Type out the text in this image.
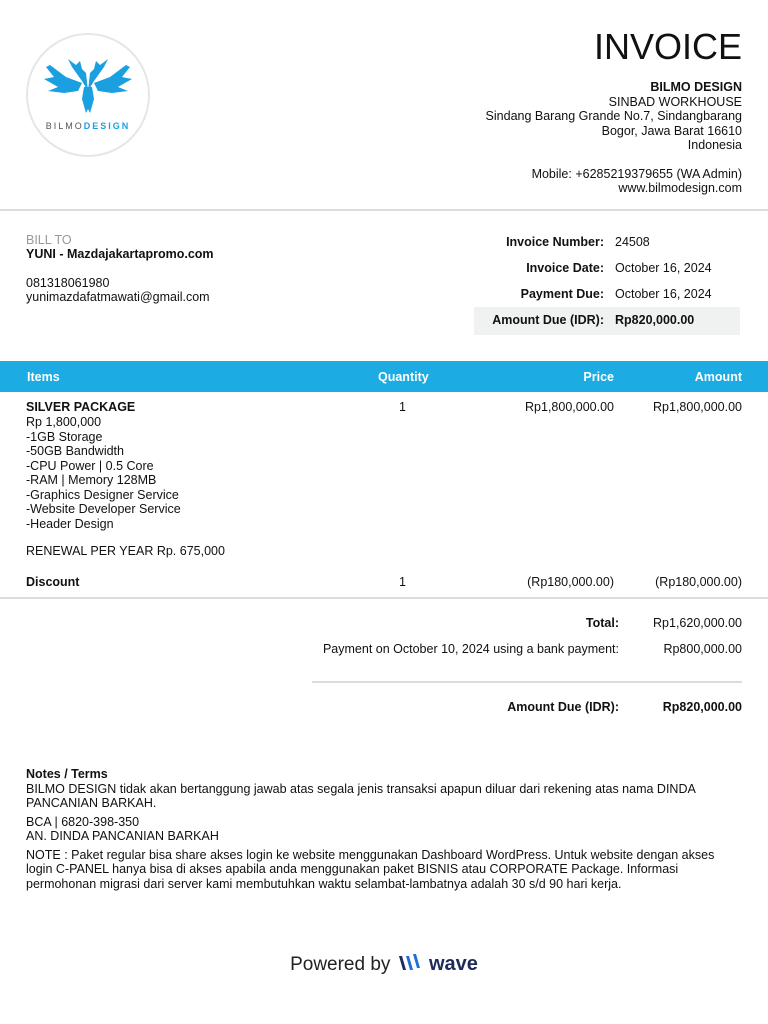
BILMODESIGN
INVOICE
BILMO DESIGN
SINBAD WORKHOUSE
Sindang Barang Grande No.7, Sindangbarang
Bogor, Jawa Barat 16610
Indonesia
Mobile: +6285219379655 (WA Admin)
www.bilmodesign.com
BILL TO
YUNI - Mazdajakartapromo.com
081318061980
yunimazdafatmawati@gmail.com
Invoice Number: 24508
Invoice Date: October 16, 2024
Payment Due: October 16, 2024
Amount Due (IDR): Rp820,000.00
Items	Quantity	Price	Amount
SILVER PACKAGE
Rp 1,800,000
-1GB Storage
-50GB Bandwidth
-CPU Power | 0.5 Core
-RAM | Memory 128MB
-Graphics Designer Service
-Website Developer Service
-Header Design
RENEWAL PER YEAR Rp. 675,000
1	Rp1,800,000.00	Rp1,800,000.00
Discount	1	(Rp180,000.00)	(Rp180,000.00)
Total:	Rp1,620,000.00
Payment on October 10, 2024 using a bank payment:	Rp800,000.00
Amount Due (IDR):	Rp820,000.00
Notes / Terms
BILMO DESIGN tidak akan bertanggung jawab atas segala jenis transaksi apapun diluar dari rekening atas nama DINDA PANCANIAN BARKAH.
BCA | 6820-398-350
AN. DINDA PANCANIAN BARKAH
NOTE : Paket regular bisa share akses login ke website menggunakan Dashboard WordPress. Untuk website dengan akses login C-PANEL hanya bisa di akses apabila anda menggunakan paket BISNIS atau CORPORATE Package. Informasi permohonan migrasi dari server kami membutuhkan waktu selambat-lambatnya adalah 30 s/d 90 hari kerja.
Powered by wave
